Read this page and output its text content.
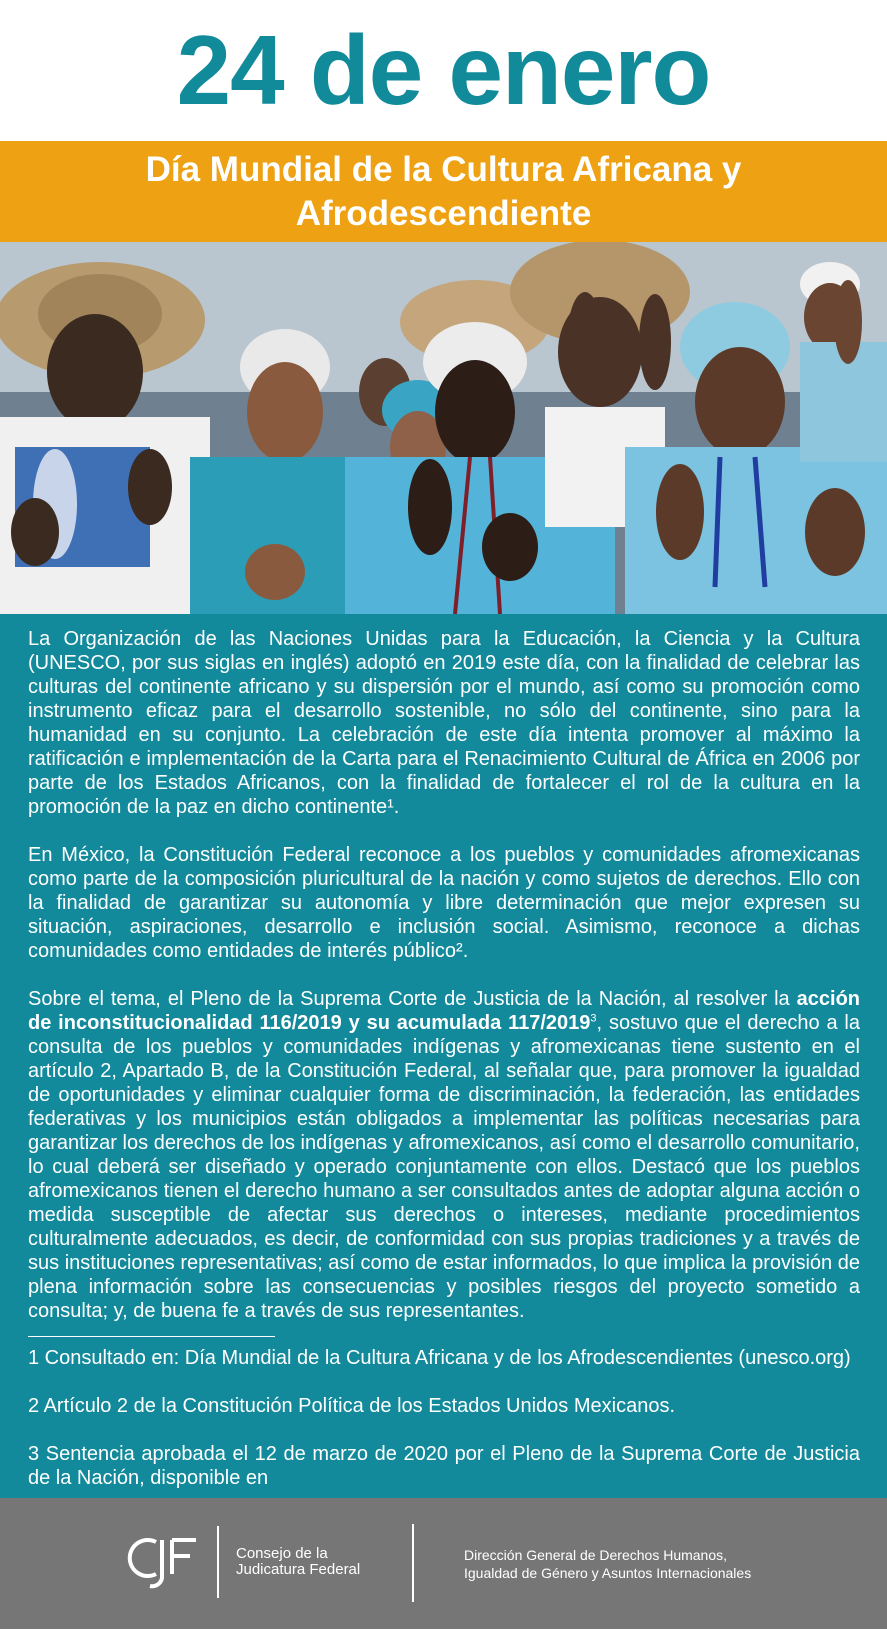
24 de enero
Día Mundial de la Cultura Africana y
Afrodescendiente

La Organización de las Naciones Unidas para la Educación, la Ciencia y la Cultura (UNESCO, por sus siglas en inglés) adoptó en 2019 este día, con la finalidad de celebrar las culturas del continente africano y su dispersión por el mundo, así como su promoción como instrumento eficaz para el desarrollo sostenible, no sólo del continente, sino para la humanidad en su conjunto. La celebración de este día intenta promover al máximo la ratificación e implementación de la Carta para el Renacimiento Cultural de África en 2006 por parte de los Estados Africanos, con la finalidad de fortalecer el rol de la cultura en la promoción de la paz en dicho continente¹.

En México, la Constitución Federal reconoce a los pueblos y comunidades afromexicanas como parte de la composición pluricultural de la nación y como sujetos de derechos. Ello con la finalidad de garantizar su autonomía y libre determinación que mejor expresen su situación, aspiraciones, desarrollo e inclusión social. Asimismo, reconoce a dichas comunidades como entidades de interés público².

Sobre el tema, el Pleno de la Suprema Corte de Justicia de la Nación, al resolver la acción de inconstitucionalidad 116/2019 y su acumulada 117/2019$^3$, sostuvo que el derecho a la consulta de los pueblos y comunidades indígenas y afromexicanas tiene sustento en el artículo 2, Apartado B, de la Constitución Federal, al señalar que, para promover la igualdad de oportunidades y eliminar cualquier forma de discriminación, la federación, las entidades federativas y los municipios están obligados a implementar las políticas necesarias para garantizar los derechos de los indígenas y afromexicanos, así como el desarrollo comunitario, lo cual deberá ser diseñado y operado conjuntamente con ellos. Destacó que los pueblos afromexicanos tienen el derecho humano a ser consultados antes de adoptar alguna acción o medida susceptible de afectar sus derechos o intereses, mediante procedimientos culturalmente adecuados, es decir, de conformidad con sus propias tradiciones y a través de sus instituciones representativas; así como de estar informados, lo que implica la provisión de plena información sobre las consecuencias y posibles riesgos del proyecto sometido a consulta; y, de buena fe a través de sus representantes.

1 Consultado en: Día Mundial de la Cultura Africana y de los Afrodescendientes (unesco.org)

2 Artículo 2 de la Constitución Política de los Estados Unidos Mexicanos.

3 Sentencia aprobada el 12 de marzo de 2020 por el Pleno de la Suprema Corte de Justicia de la Nación, disponible en

Consejo de la
Judicatura Federal
Dirección General de Derechos Humanos,
Igualdad de Género y Asuntos Internacionales
